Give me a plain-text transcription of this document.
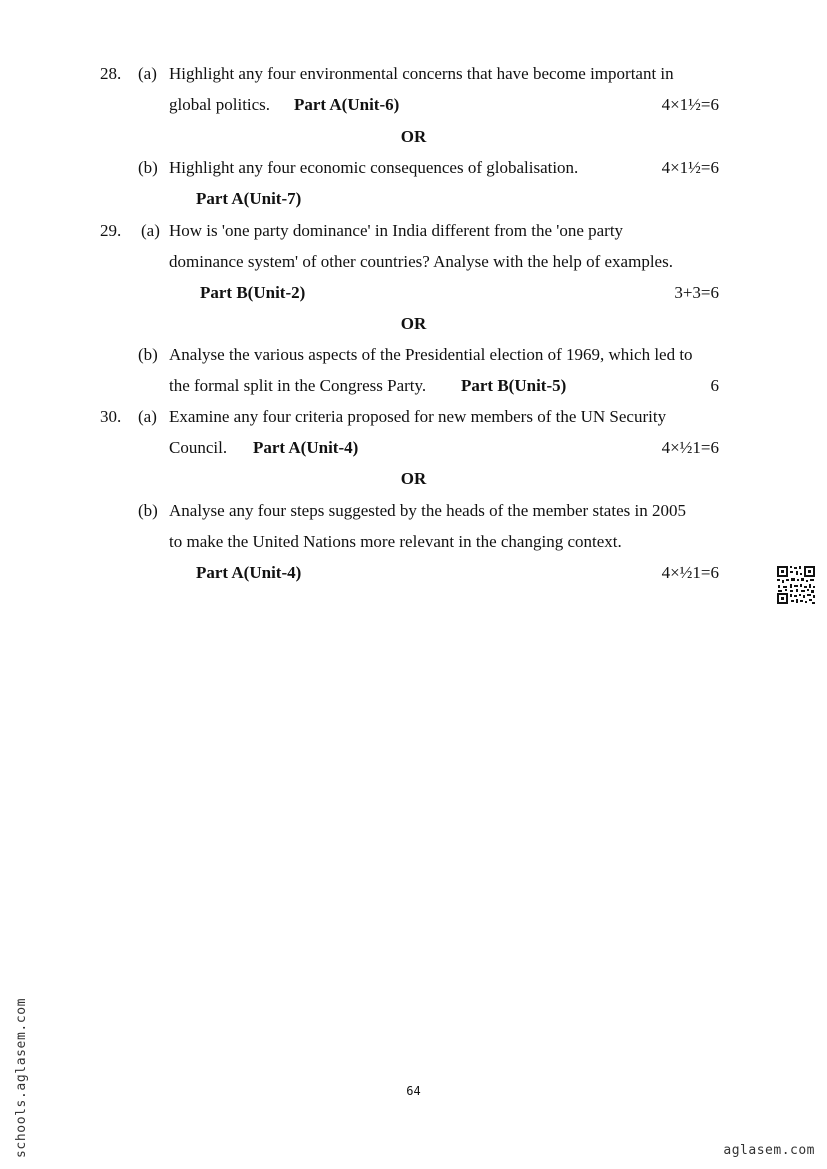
28. (a) Highlight any four environmental concerns that have become important in
global politics. Part A(Unit-6)	4×1½=6
OR
(b) Highlight any four economic consequences of globalisation.	4×1½=6
Part A(Unit-7)
29. (a) How is 'one party dominance' in India different from the 'one party
dominance system' of other countries? Analyse with the help of examples.
Part B(Unit-2)	3+3=6
OR
(b) Analyse the various aspects of the Presidential election of 1969, which led to
the formal split in the Congress Party. Part B(Unit-5)	6
30. (a) Examine any four criteria proposed for new members of the UN Security
Council. Part A(Unit-4)	4×½1=6
OR
(b) Analyse any four steps suggested by the heads of the member states in 2005
to make the United Nations more relevant in the changing context.
Part A(Unit-4)	4×½1=6
64
aglasem.com
schools.aglasem.com
